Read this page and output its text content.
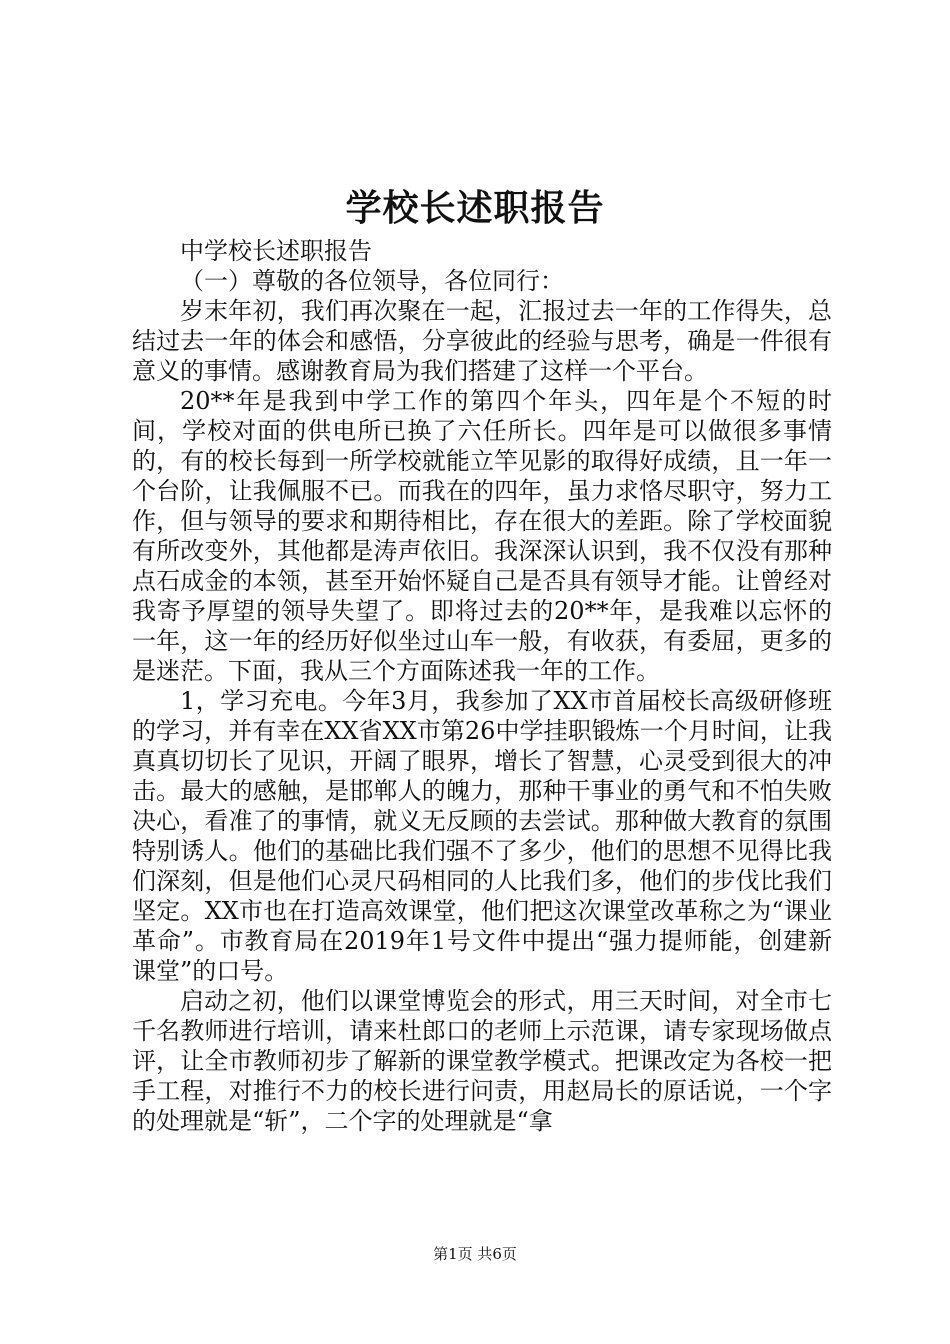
学校长述职报告

中学校长述职报告

（一）尊敬的各位领导，各位同行：

岁末年初，我们再次聚在一起，汇报过去一年的工作得失，总结过去一年的体会和感悟，分享彼此的经验与思考，确是一件很有意义的事情。感谢教育局为我们搭建了这样一个平台。

20**年是我到中学工作的第四个年头，四年是个不短的时间，学校对面的供电所已换了六任所长。四年是可以做很多事情的，有的校长每到一所学校就能立竿见影的取得好成绩，且一年一个台阶，让我佩服不已。而我在的四年，虽力求恪尽职守，努力工作，但与领导的要求和期待相比，存在很大的差距。除了学校面貌有所改变外，其他都是涛声依旧。我深深认识到，我不仅没有那种点石成金的本领，甚至开始怀疑自己是否具有领导才能。让曾经对我寄予厚望的领导失望了。即将过去的20**年，是我难以忘怀的一年，这一年的经历好似坐过山车一般，有收获，有委屈，更多的是迷茫。下面，我从三个方面陈述我一年的工作。

1，学习充电。今年3月，我参加了XX市首届校长高级研修班的学习，并有幸在XX省XX市第26中学挂职锻炼一个月时间，让我真真切切长了见识，开阔了眼界，增长了智慧，心灵受到很大的冲击。最大的感触，是邯郸人的魄力，那种干事业的勇气和不怕失败决心，看准了的事情，就义无反顾的去尝试。那种做大教育的氛围特别诱人。他们的基础比我们强不了多少，他们的思想不见得比我们深刻，但是他们心灵尺码相同的人比我们多，他们的步伐比我们坚定。XX市也在打造高效课堂，他们把这次课堂改革称之为“课业革命”。市教育局在2019年1号文件中提出“强力提师能，创建新课堂”的口号。

启动之初，他们以课堂博览会的形式，用三天时间，对全市七千名教师进行培训，请来杜郎口的老师上示范课，请专家现场做点评，让全市教师初步了解新的课堂教学模式。把课改定为各校一把手工程，对推行不力的校长进行问责，用赵局长的原话说，一个字的处理就是“斩”，二个字的处理就是“拿

第1页 共6页
